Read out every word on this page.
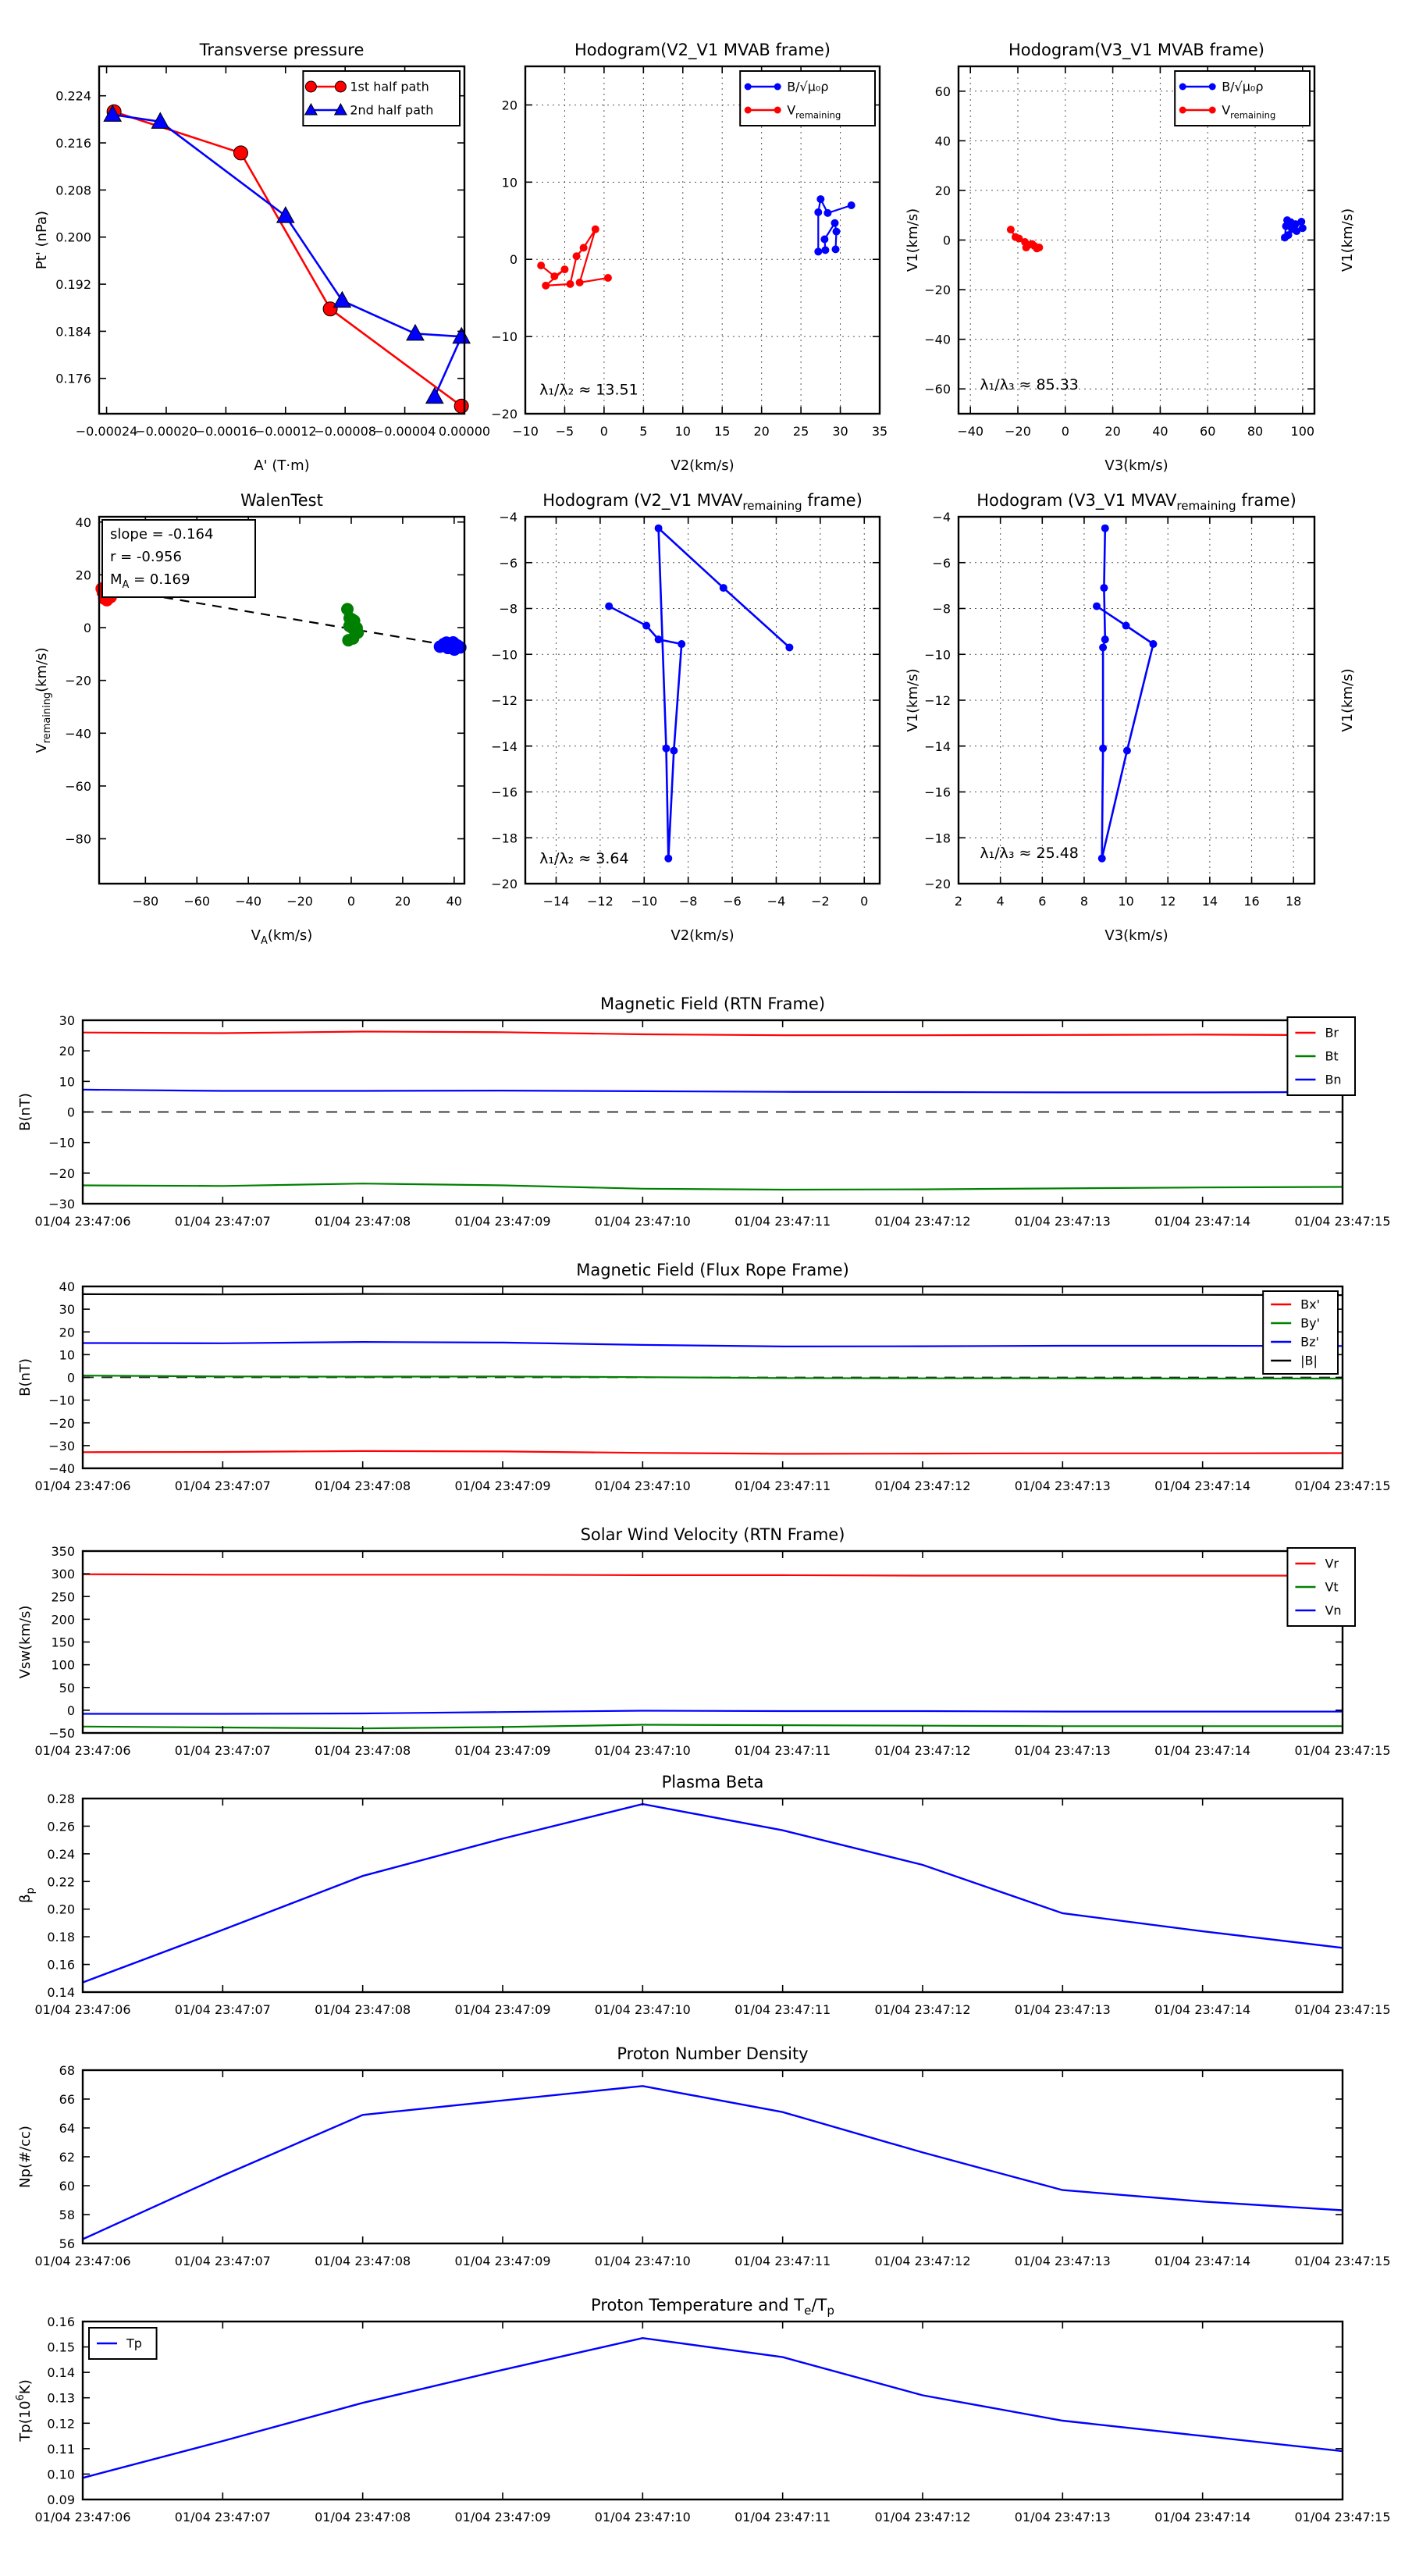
−0.00024
−0.00020
−0.00016
−0.00012
−0.00008
−0.00004 0.00000
0.176
0.184
0.192
0.200
0.208
0.216
0.224
Transverse pressure
A' (T·m)
Pt' (nPa)
1st half path
2nd half path
−10 −5 0	5 10 15 20 25 30 35
−20
−10
0
10
20
Hodogram(V2_V1 MVAB frame)
V2(km/s)
V1(km/s)
λ₁/λ₂ ≈ 13.51
B/√μ₀ρ
$V_{remaining}$
−40 −20 0	20	40	60	80 100
−60
−40
−20
0
20
40
60
Hodogram(V3_V1 MVAB frame)
V3(km/s)
V1(km/s)
λ₁/λ₃ ≈ 85.33
B/√μ₀ρ
$V_{remaining}$
−80 −60 −40 −20	0	20	40
−80
−60
−40
−20
0
20
40
WalenTest
$V_A(km/s)$
$V_{remaining}(km/s)$
slope = -0.164
r = -0.956
$M_A = 0.169$
−14 −12 −10 −8 −6 −4 −2 0
−20
−18
−16
−14
−12
−10
−8
−6
−4
Hodogram (V2_V1 $MVAV_{remaining}$ frame)
V2(km/s)
V1(km/s)
λ₁/λ₂ ≈ 3.64
2	4	6	8 10 12 14 16 18
−20
−18
−16
−14
−12
−10
−8
−6
−4
Hodogram (V3_V1 $MVAV_{remaining}$ frame)
V3(km/s)
V1(km/s)
λ₁/λ₃ ≈ 25.48
01/04 23:47:06	01/04 23:47:07	01/04 23:47:08	01/04 23:47:09	01/04 23:47:10	01/04 23:47:11	01/04 23:47:12	01/04 23:47:13	01/04 23:47:14	01/04 23:47:15
−30
−20
−10
0
10
20
30
Magnetic Field (RTN Frame)
B(nT)
Br
Bt
Bn
01/04 23:47:06	01/04 23:47:07	01/04 23:47:08	01/04 23:47:09	01/04 23:47:10	01/04 23:47:11	01/04 23:47:12	01/04 23:47:13	01/04 23:47:14	01/04 23:47:15
−40
−30
−20
−10
0
10
20
30
40
Magnetic Field (Flux Rope Frame)
B(nT)
Bx'
By'
Bz'
|B|
01/04 23:47:06	01/04 23:47:07	01/04 23:47:08	01/04 23:47:09	01/04 23:47:10	01/04 23:47:11	01/04 23:47:12	01/04 23:47:13	01/04 23:47:14	01/04 23:47:15
−50
0
50
100
150
200
250
300
350
Solar Wind Velocity (RTN Frame)
Vsw(km/s)
Vr
Vt
Vn
01/04 23:47:06	01/04 23:47:07	01/04 23:47:08	01/04 23:47:09	01/04 23:47:10	01/04 23:47:11	01/04 23:47:12	01/04 23:47:13	01/04 23:47:14	01/04 23:47:15
0.14
0.16
0.18
0.20
0.22
0.24
0.26
0.28
Plasma Beta
$\beta_p$
01/04 23:47:06	01/04 23:47:07	01/04 23:47:08	01/04 23:47:09	01/04 23:47:10	01/04 23:47:11	01/04 23:47:12	01/04 23:47:13	01/04 23:47:14	01/04 23:47:15
56
58
60
62
64
66
68
Proton Number Density
Np(#/cc)
01/04 23:47:06	01/04 23:47:07	01/04 23:47:08	01/04 23:47:09	01/04 23:47:10	01/04 23:47:11	01/04 23:47:12	01/04 23:47:13	01/04 23:47:14	01/04 23:47:15
0.09
0.10
0.11
0.12
0.13
0.14
0.15
0.16
Proton Temperature and $T_e/T_p$
$Tp(10^6K)$
Tp
